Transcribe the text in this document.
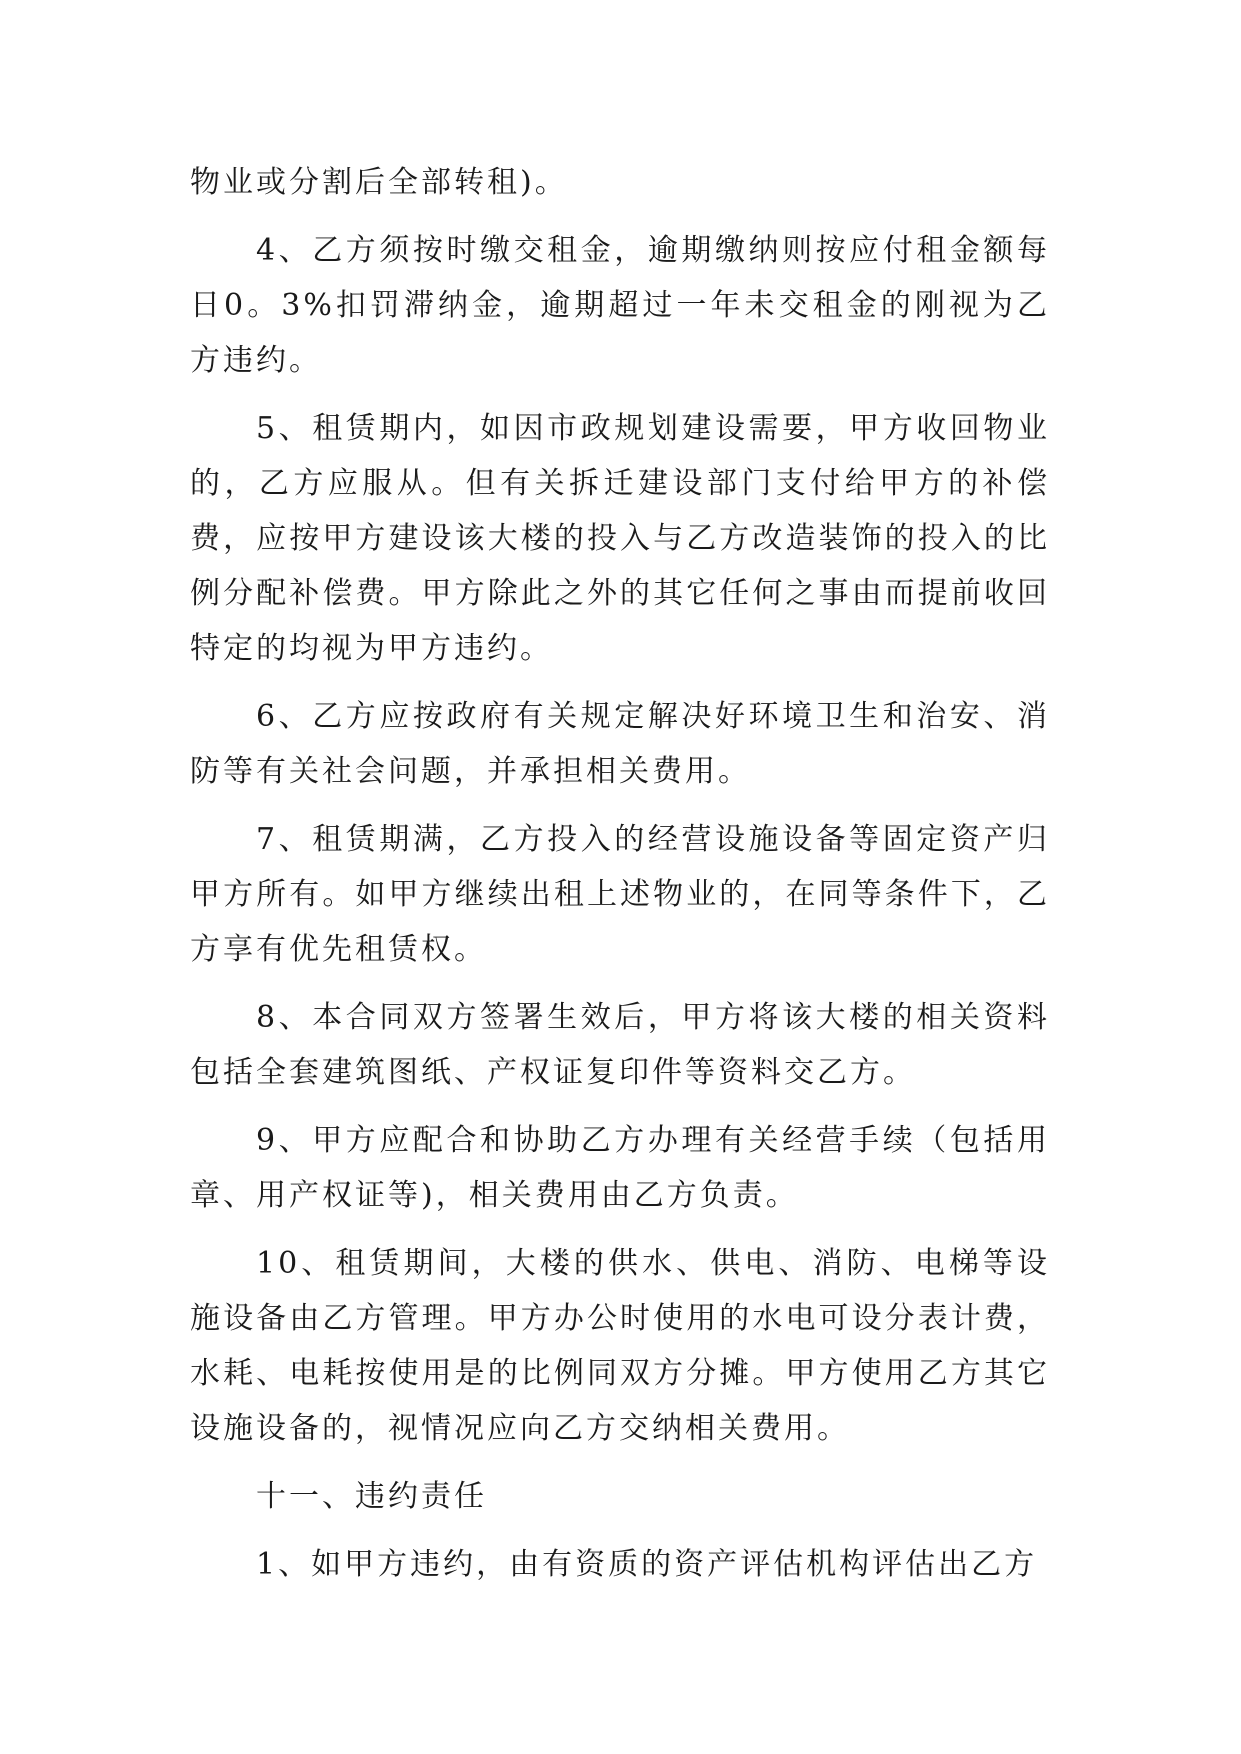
物业或分割后全部转租)。

4、乙方须按时缴交租金，逾期缴纳则按应付租金额每日0。3%扣罚滞纳金，逾期超过一年未交租金的刚视为乙方违约。

5、租赁期内，如因市政规划建设需要，甲方收回物业的，乙方应服从。但有关拆迁建设部门支付给甲方的补偿费，应按甲方建设该大楼的投入与乙方改造装饰的投入的比例分配补偿费。甲方除此之外的其它任何之事由而提前收回特定的均视为甲方违约。

6、乙方应按政府有关规定解决好环境卫生和治安、消防等有关社会问题，并承担相关费用。

7、租赁期满，乙方投入的经营设施设备等固定资产归甲方所有。如甲方继续出租上述物业的，在同等条件下，乙方享有优先租赁权。

8、本合同双方签署生效后，甲方将该大楼的相关资料包括全套建筑图纸、产权证复印件等资料交乙方。

9、甲方应配合和协助乙方办理有关经营手续（包括用章、用产权证等)，相关费用由乙方负责。

10、租赁期间，大楼的供水、供电、消防、电梯等设施设备由乙方管理。甲方办公时使用的水电可设分表计费，水耗、电耗按使用是的比例同双方分摊。甲方使用乙方其它设施设备的，视情况应向乙方交纳相关费用。

十一、违约责任

1、如甲方违约，由有资质的资产评估机构评估出乙方
